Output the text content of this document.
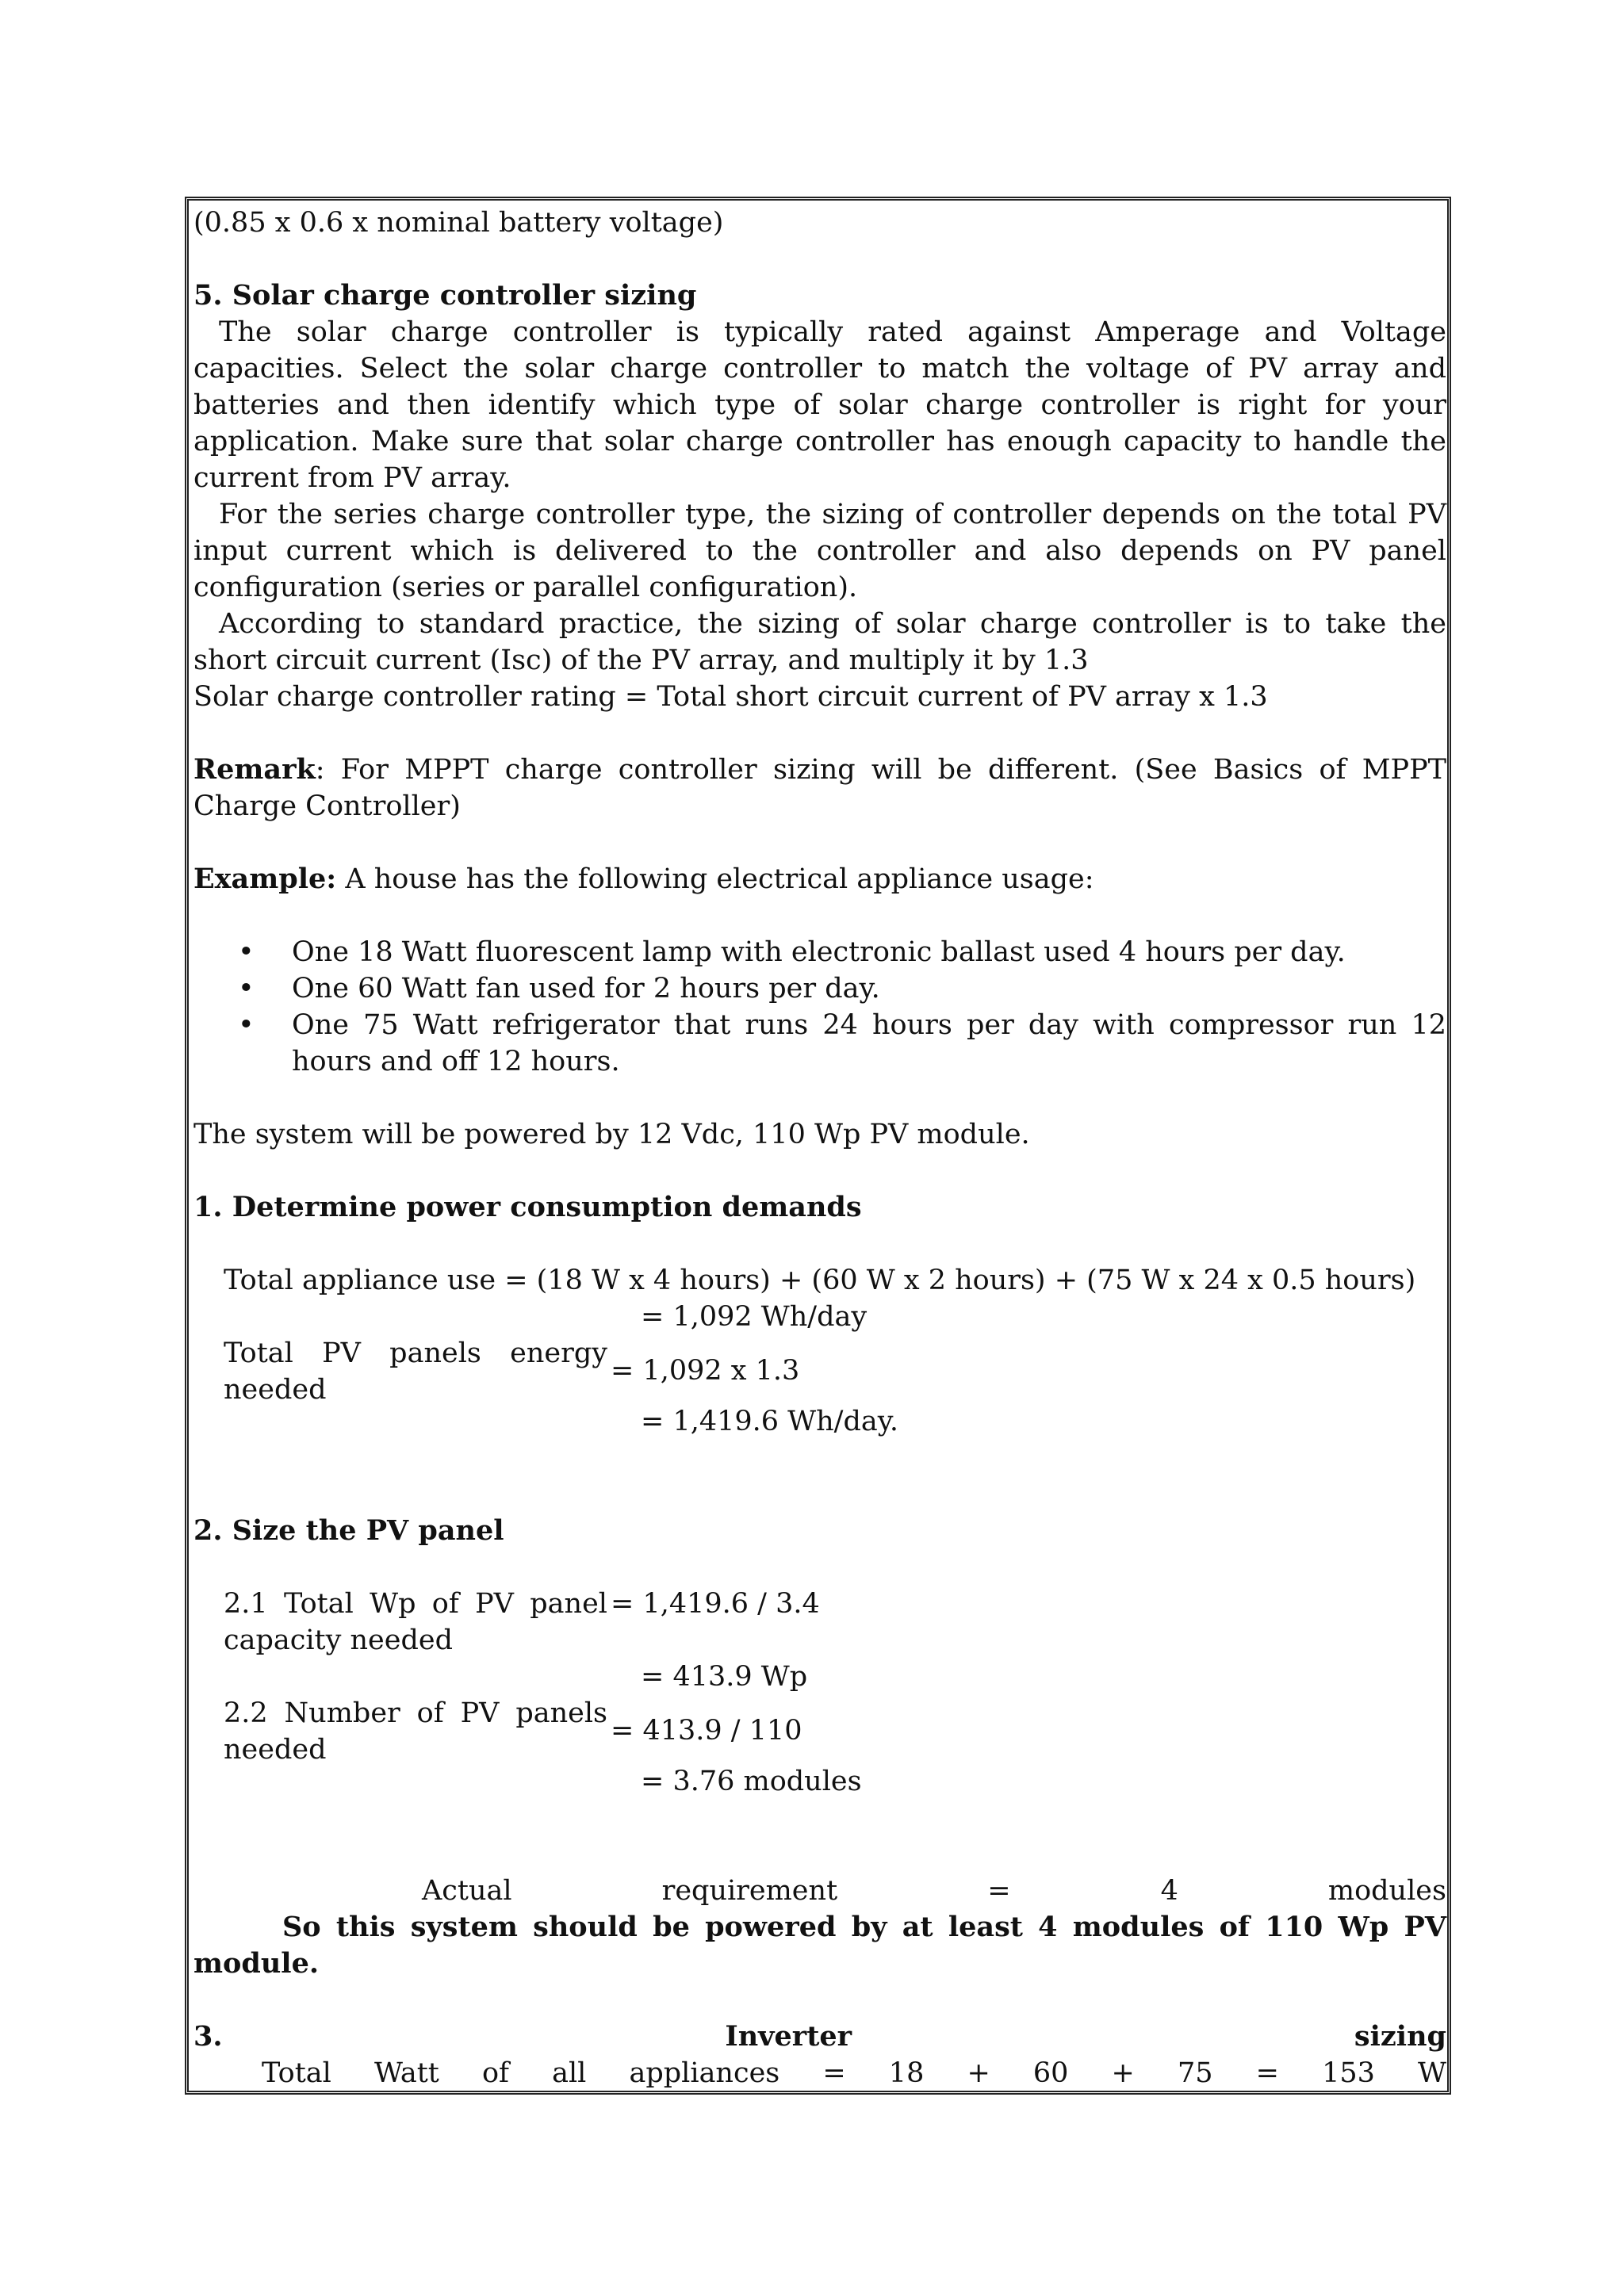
(0.85 x 0.6 x nominal battery voltage)

5. Solar charge controller sizing

The solar charge controller is typically rated against Amperage and Voltage capacities. Select the solar charge controller to match the voltage of PV array and batteries and then identify which type of solar charge controller is right for your application. Make sure that solar charge controller has enough capacity to handle the current from PV array.

For the series charge controller type, the sizing of controller depends on the total PV input current which is delivered to the controller and also depends on PV panel configuration (series or parallel configuration).

According to standard practice, the sizing of solar charge controller is to take the short circuit current (Isc) of the PV array, and multiply it by 1.3

Solar charge controller rating = Total short circuit current of PV array x 1.3

Remark: For MPPT charge controller sizing will be different. (See Basics of MPPT Charge Controller)

Example: A house has the following electrical appliance usage:

• One 18 Watt fluorescent lamp with electronic ballast used 4 hours per day.
• One 60 Watt fan used for 2 hours per day.
• One 75 Watt refrigerator that runs 24 hours per day with compressor run 12 hours and off 12 hours.

The system will be powered by 12 Vdc, 110 Wp PV module.

1. Determine power consumption demands

Total appliance use = (18 W x 4 hours) + (60 W x 2 hours) + (75 W x 24 x 0.5 hours)

= 1,092 Wh/day

Total PV panels energy needed
= 1,092 x 1.3

= 1,419.6 Wh/day.

2. Size the PV panel

2.1 Total Wp of PV panel capacity needed
= 1,419.6 / 3.4

= 413.9 Wp

2.2 Number of PV panels needed
= 413.9 / 110

= 3.76 modules

Actual	requirement	=	4	modules

So this system should be powered by at least 4 modules of 110 Wp PV module.

3.	Inverter	sizing
Total Watt of all appliances = 18 + 60 + 75 = 153 W
